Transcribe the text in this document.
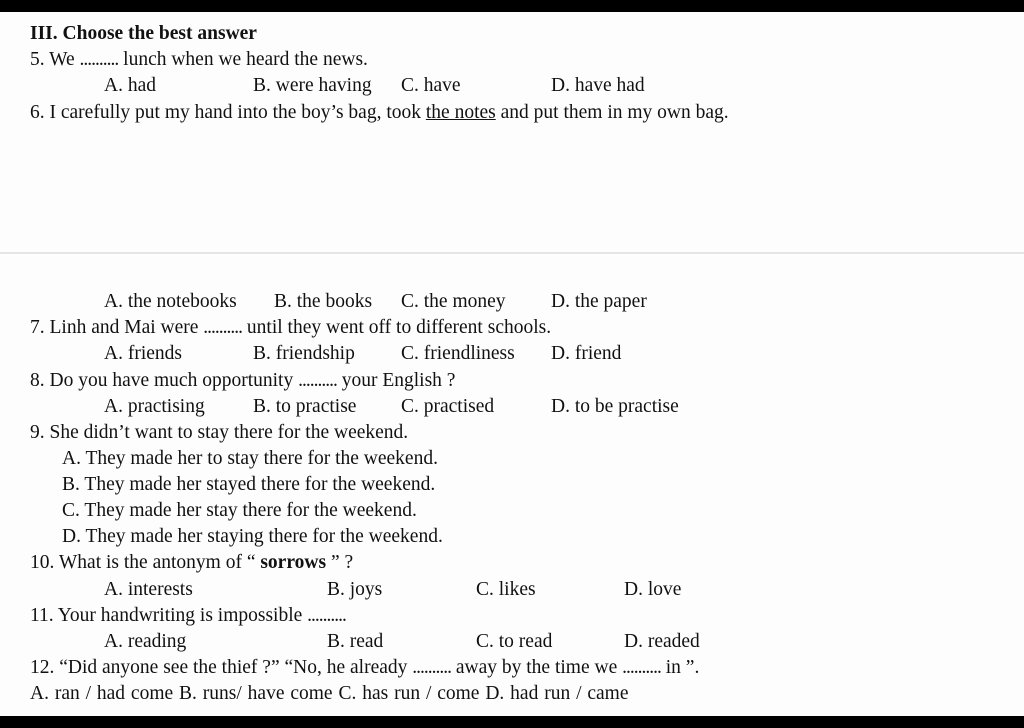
III. Choose the best answer
5. We .......... lunch when we heard the news.
A. had	B. were having C. have	D. have had
6. I carefully put my hand into the boy’s bag, took the notes and put them in my own bag.
A. the notebooks B. the books C. the money D. the paper
7. Linh and Mai were .......... until they went off to different schools.
A. friends	B. friendship C. friendliness D. friend
8. Do you have much opportunity .......... your English ?
A. practising B. to practise C. practised	D. to be practise
9. She didn’t want to stay there for the weekend.
A. They made her to stay there for the weekend.
B. They made her stayed there for the weekend.
C. They made her stay there for the weekend.
D. They made her staying there for the weekend.
10. What is the antonym of “ sorrows ” ?
A. interests	B. joys	C. likes	D. love
11. Your handwriting is impossible ..........
A. reading	B. read	C. to read	D. readed
12. “Did anyone see the thief ?” “No, he already .......... away by the time we .......... in ”.
A. ran / had come B. runs/ have come C. has run / come D. had run / came
